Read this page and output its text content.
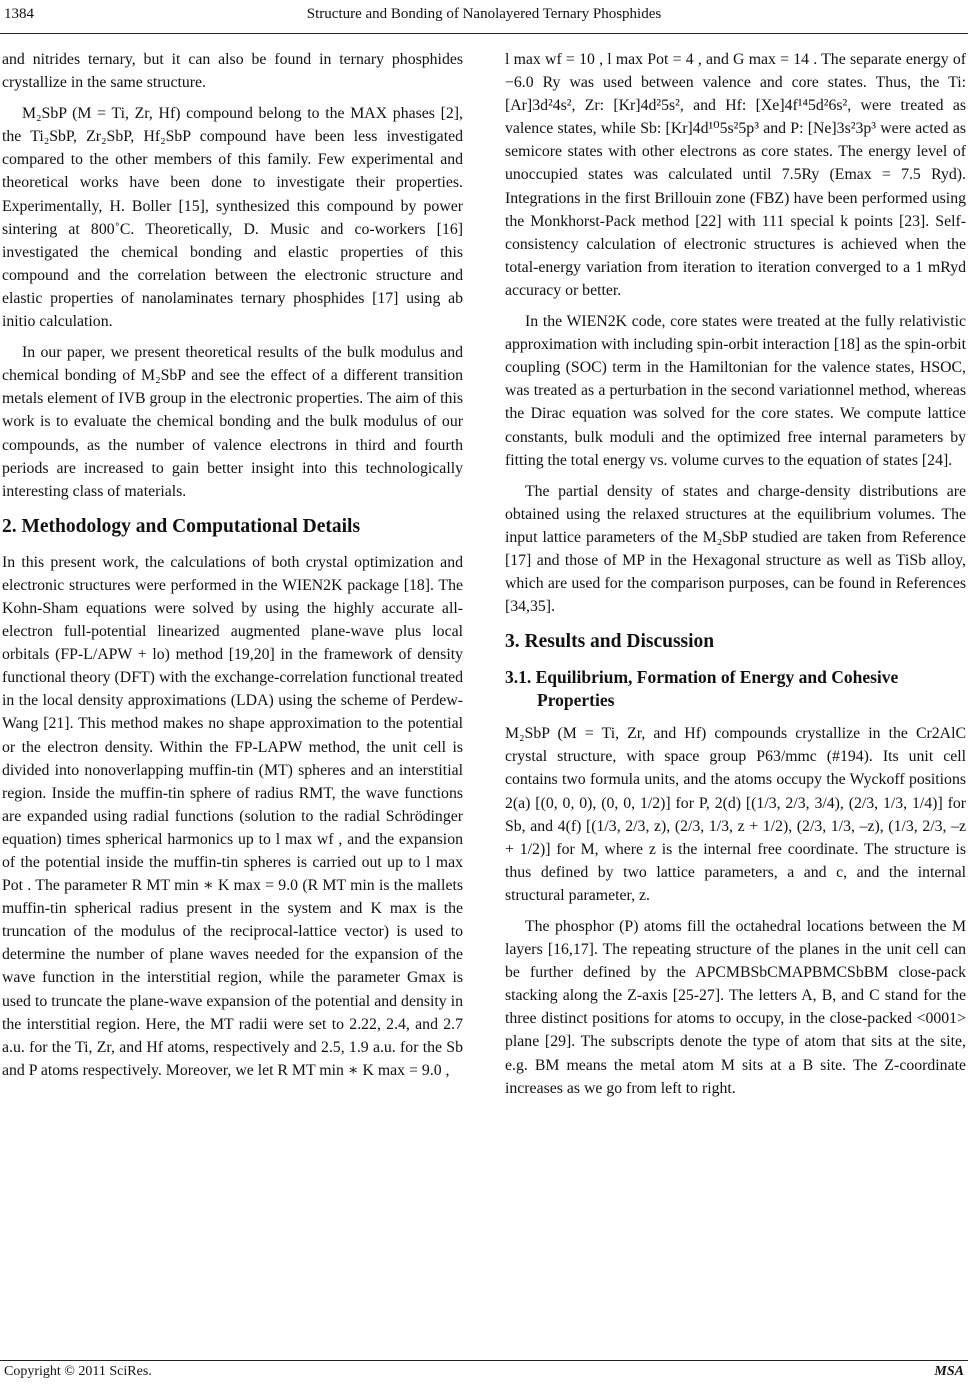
1384	Structure and Bonding of Nanolayered Ternary Phosphides

and nitrides ternary, but it can also be found in ternary phosphides crystallize in the same structure.

M₂SbP (M = Ti, Zr, Hf) compound belong to the MAX phases [2], the Ti₂SbP, Zr₂SbP, Hf₂SbP compound have been less investigated compared to the other members of this family. Few experimental and theoretical works have been done to investigate their properties. Experimentally, H. Boller [15], synthesized this compound by power sintering at 800˚C. Theoretically, D. Music and co-workers [16] investigated the chemical bonding and elastic properties of this compound and the correlation between the electronic structure and elastic properties of nanolaminates ternary phosphides [17] using ab initio calculation.

In our paper, we present theoretical results of the bulk modulus and chemical bonding of M₂SbP and see the effect of a different transition metals element of IVB group in the electronic properties. The aim of this work is to evaluate the chemical bonding and the bulk modulus of our compounds, as the number of valence electrons in third and fourth periods are increased to gain better insight into this technologically interesting class of materials.

2. Methodology and Computational Details

In this present work, the calculations of both crystal optimization and electronic structures were performed in the WIEN2K package [18]. The Kohn-Sham equations were solved by using the highly accurate all-electron full-potential linearized augmented plane-wave plus local orbitals (FP-L/APW + lo) method [19,20] in the framework of density functional theory (DFT) with the exchange-correlation functional treated in the local density approximations (LDA) using the scheme of Perdew-Wang [21]. This method makes no shape approximation to the potential or the electron density. Within the FP-LAPW method, the unit cell is divided into nonoverlapping muffin-tin (MT) spheres and an interstitial region. Inside the muffin-tin sphere of radius RMT, the wave functions are expanded using radial functions (solution to the radial Schrödinger equation) times spherical harmonics up to l max wf , and the expansion of the potential inside the muffin-tin spheres is carried out up to l max Pot . The parameter R MT min ∗ K max = 9.0 (R MT min is the mallets muffin-tin spherical radius present in the system and K max is the truncation of the modulus of the reciprocal-lattice vector) is used to determine the number of plane waves needed for the expansion of the wave function in the interstitial region, while the parameter Gmax is used to truncate the plane-wave expansion of the potential and density in the interstitial region. Here, the MT radii were set to 2.22, 2.4, and 2.7 a.u. for the Ti, Zr, and Hf atoms, respectively and 2.5, 1.9 a.u. for the Sb and P atoms respectively. Moreover, we let R MT min ∗ K max = 9.0 ,

l max wf = 10 , l max Pot = 4 , and G max = 14 . The separate energy of −6.0 Ry was used between valence and core states. Thus, the Ti: [Ar]3d²4s², Zr: [Kr]4d²5s², and Hf: [Xe]4f¹⁴5d²6s², were treated as valence states, while Sb: [Kr]4d¹⁰5s²5p³ and P: [Ne]3s²3p³ were acted as semicore states with other electrons as core states. The energy level of unoccupied states was calculated until 7.5Ry (Emax = 7.5 Ryd). Integrations in the first Brillouin zone (FBZ) have been performed using the Monkhorst-Pack method [22] with 111 special k points [23]. Self-consistency calculation of electronic structures is achieved when the total-energy variation from iteration to iteration converged to a 1 mRyd accuracy or better.

In the WIEN2K code, core states were treated at the fully relativistic approximation with including spin-orbit interaction [18] as the spin-orbit coupling (SOC) term in the Hamiltonian for the valence states, HSOC, was treated as a perturbation in the second variationnel method, whereas the Dirac equation was solved for the core states. We compute lattice constants, bulk moduli and the optimized free internal parameters by fitting the total energy vs. volume curves to the equation of states [24].

The partial density of states and charge-density distributions are obtained using the relaxed structures at the equilibrium volumes. The input lattice parameters of the M₂SbP studied are taken from Reference [17] and those of MP in the Hexagonal structure as well as TiSb alloy, which are used for the comparison purposes, can be found in References [34,35].

3. Results and Discussion
3.1. Equilibrium, Formation of Energy and Cohesive Properties

M₂SbP (M = Ti, Zr, and Hf) compounds crystallize in the Cr2AlC crystal structure, with space group P63/mmc (#194). Its unit cell contains two formula units, and the atoms occupy the Wyckoff positions 2(a) [(0, 0, 0), (0, 0, 1/2)] for P, 2(d) [(1/3, 2/3, 3/4), (2/3, 1/3, 1/4)] for Sb, and 4(f) [(1/3, 2/3, z), (2/3, 1/3, z + 1/2), (2/3, 1/3, –z), (1/3, 2/3, –z + 1/2)] for M, where z is the internal free coordinate. The structure is thus defined by two lattice parameters, a and c, and the internal structural parameter, z.

The phosphor (P) atoms fill the octahedral locations between the M layers [16,17]. The repeating structure of the planes in the unit cell can be further defined by the APCMBSbCMAPBMCSbBM close-pack stacking along the Z-axis [25-27]. The letters A, B, and C stand for the three distinct positions for atoms to occupy, in the close-packed <0001> plane [29]. The subscripts denote the type of atom that sits at the site, e.g. BM means the metal atom M sits at a B site. The Z-coordinate increases as we go from left to right.

Copyright © 2011 SciRes.	MSA
